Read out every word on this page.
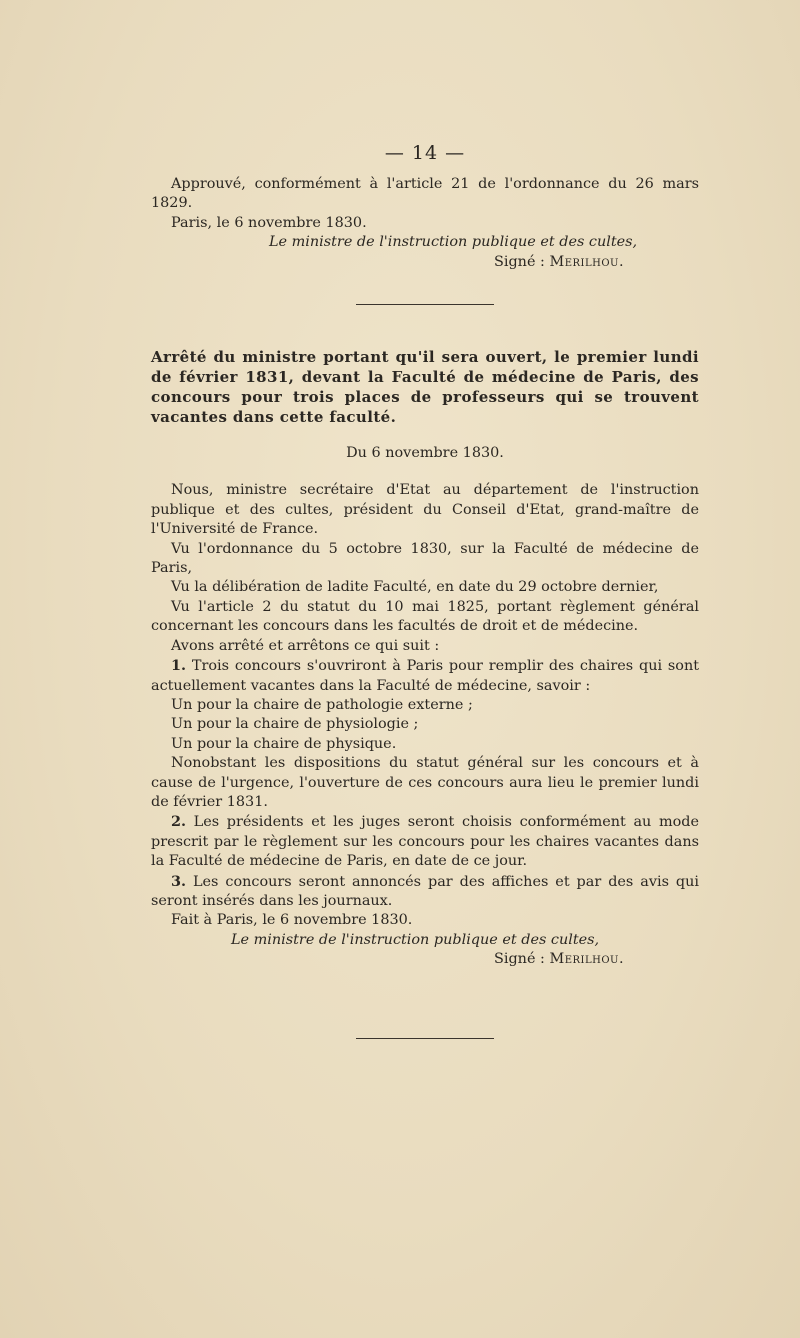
— 14 —

Approuvé, conformément à l'article 21 de l'ordonnance du 26 mars 1829.

Paris, le 6 novembre 1830.

Le ministre de l'instruction publique et des cultes,

Signé : Merilhou.

Arrêté du ministre portant qu'il sera ouvert, le premier lundi de février 1831, devant la Faculté de médecine de Paris, des concours pour trois places de professeurs qui se trouvent vacantes dans cette faculté.

Du 6 novembre 1830.

Nous, ministre secrétaire d'Etat au département de l'instruction publique et des cultes, président du Conseil d'Etat, grand-maître de l'Université de France.

Vu l'ordonnance du 5 octobre 1830, sur la Faculté de médecine de Paris,

Vu la délibération de ladite Faculté, en date du 29 octobre dernier,

Vu l'article 2 du statut du 10 mai 1825, portant règlement général concernant les concours dans les facultés de droit et de médecine.

Avons arrêté et arrêtons ce qui suit :

1. Trois concours s'ouvriront à Paris pour remplir des chaires qui sont actuellement vacantes dans la Faculté de médecine, savoir :

Un pour la chaire de pathologie externe ;

Un pour la chaire de physiologie ;

Un pour la chaire de physique.

Nonobstant les dispositions du statut général sur les concours et à cause de l'urgence, l'ouverture de ces concours aura lieu le premier lundi de février 1831.

2. Les présidents et les juges seront choisis conformément au mode prescrit par le règlement sur les concours pour les chaires vacantes dans la Faculté de médecine de Paris, en date de ce jour.

3. Les concours seront annoncés par des affiches et par des avis qui seront insérés dans les journaux.

Fait à Paris, le 6 novembre 1830.

Le ministre de l'instruction publique et des cultes,

Signé : Merilhou.
